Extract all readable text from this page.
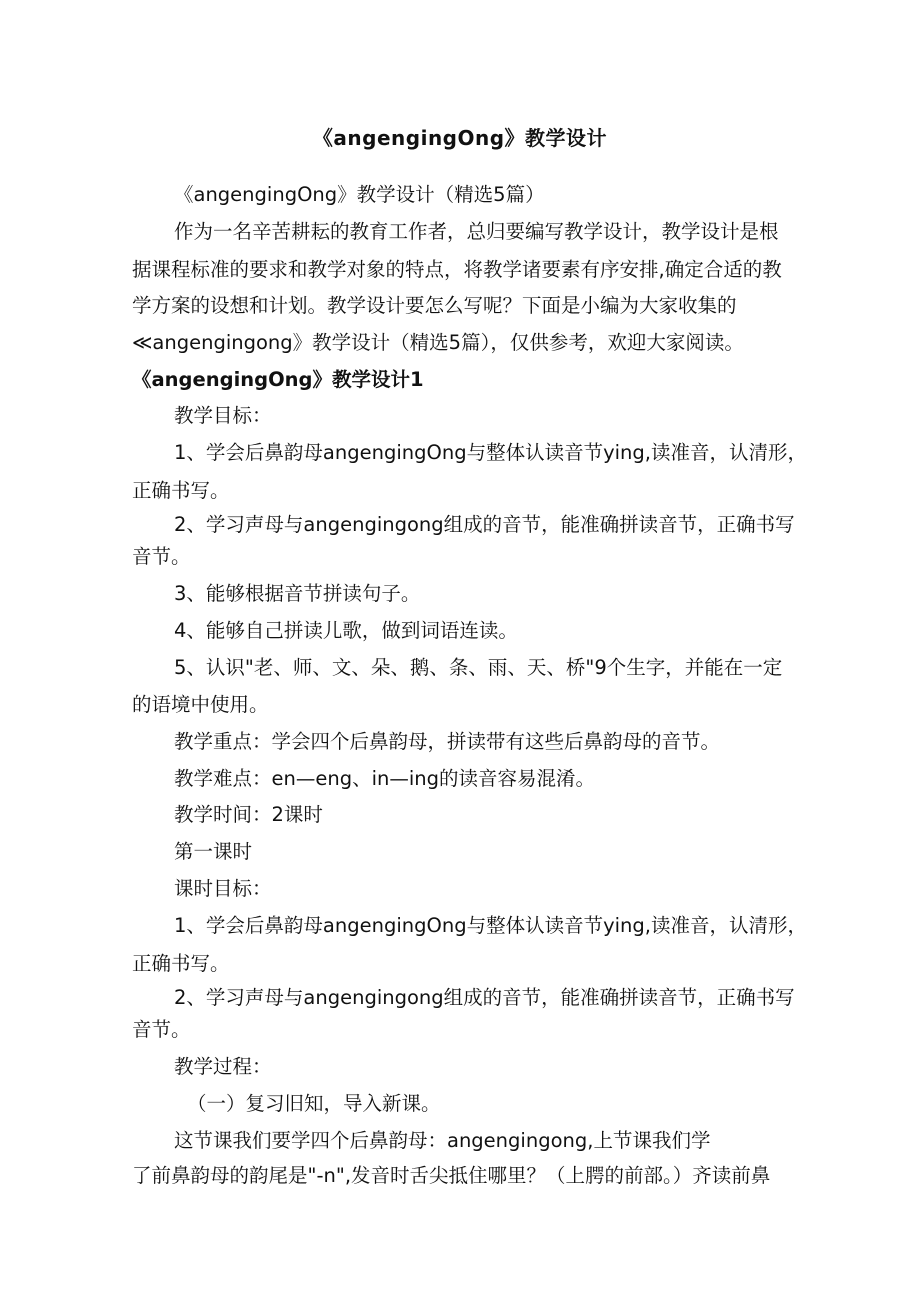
《angengingOng》教学设计
《angengingOng》教学设计（精选5篇）
作为一名辛苦耕耘的教育工作者，总归要编写教学设计，教学设计是根
据课程标准的要求和教学对象的特点，将教学诸要素有序安排,确定合适的教
学方案的设想和计划。教学设计要怎么写呢？下面是小编为大家收集的
≪angengingong》教学设计（精选5篇），仅供参考，欢迎大家阅读。
《angengingOng》教学设计1
教学目标：
1、学会后鼻韵母angengingOng与整体认读音节ying,读准音，认清形，
正确书写。
2、学习声母与angengingong组成的音节，能准确拼读音节，正确书写
音节。
3、能够根据音节拼读句子。
4、能够自己拼读儿歌，做到词语连读。
5、认识"老、师、文、朵、鹅、条、雨、天、桥"9个生字，并能在一定
的语境中使用。
教学重点：学会四个后鼻韵母，拼读带有这些后鼻韵母的音节。
教学难点：en—eng、in—ing的读音容易混淆。
教学时间：2课时
第一课时
课时目标：
1、学会后鼻韵母angengingOng与整体认读音节ying,读准音，认清形，
正确书写。
2、学习声母与angengingong组成的音节，能准确拼读音节，正确书写
音节。
教学过程：
（一）复习旧知，导入新课。
这节课我们要学四个后鼻韵母：angengingong,上节课我们学
了前鼻韵母的韵尾是"-n",发音时舌尖抵住哪里？（上腭的前部。）齐读前鼻
